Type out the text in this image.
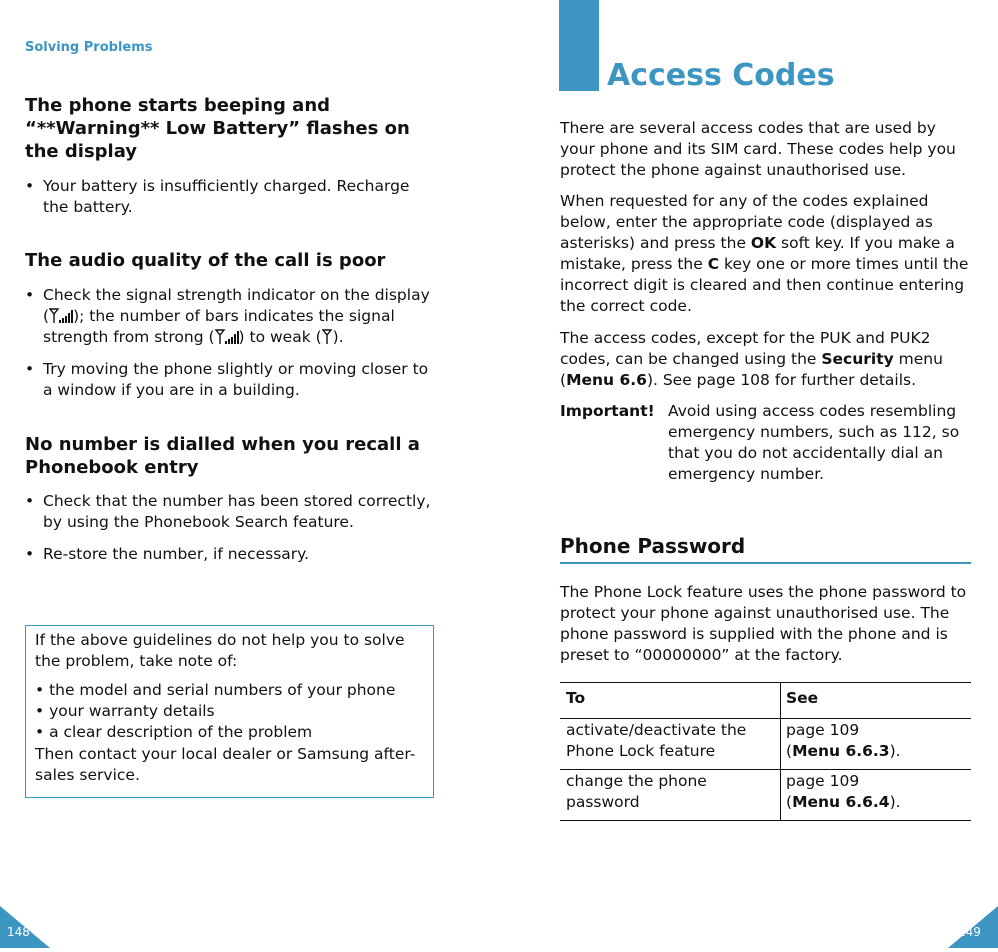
Solving Problems
The phone starts beeping and “**Warning** Low Battery” flashes on the display
• Your battery is insufficiently charged. Recharge the battery.
The audio quality of the call is poor
• Check the signal strength indicator on the display ( ); the number of bars indicates the signal strength from strong ( ) to weak ( ).
• Try moving the phone slightly or moving closer to a window if you are in a building.
No number is dialled when you recall a Phonebook entry
• Check that the number has been stored correctly, by using the Phonebook Search feature.
• Re-store the number, if necessary.
If the above guidelines do not help you to solve the problem, take note of:
• the model and serial numbers of your phone
• your warranty details
• a clear description of the problem
Then contact your local dealer or Samsung after-sales service.
148
Access Codes
There are several access codes that are used by your phone and its SIM card. These codes help you protect the phone against unauthorised use.
When requested for any of the codes explained below, enter the appropriate code (displayed as asterisks) and press the OK soft key. If you make a mistake, press the C key one or more times until the incorrect digit is cleared and then continue entering the correct code.
The access codes, except for the PUK and PUK2 codes, can be changed using the Security menu (Menu 6.6). See page 108 for further details.
Important! Avoid using access codes resembling emergency numbers, such as 112, so that you do not accidentally dial an emergency number.
Phone Password
The Phone Lock feature uses the phone password to protect your phone against unauthorised use. The phone password is supplied with the phone and is preset to “00000000” at the factory.
To	See
activate/deactivate the Phone Lock feature
page 109
(Menu 6.6.3).
change the phone password
page 109
(Menu 6.6.4).
149
